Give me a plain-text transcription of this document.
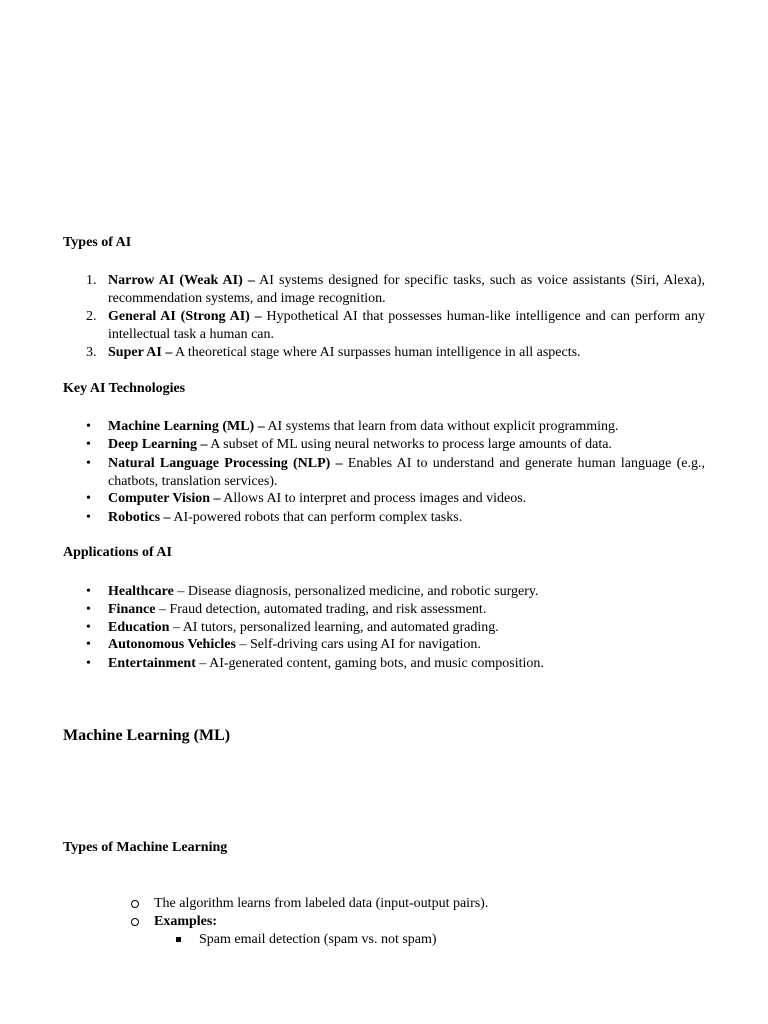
Types of AI
1. Narrow AI (Weak AI) – AI systems designed for specific tasks, such as voice assistants (Siri, Alexa), recommendation systems, and image recognition.
2. General AI (Strong AI) – Hypothetical AI that possesses human-like intelligence and can perform any intellectual task a human can.
3. Super AI – A theoretical stage where AI surpasses human intelligence in all aspects.
Key AI Technologies
• Machine Learning (ML) – AI systems that learn from data without explicit programming.
• Deep Learning – A subset of ML using neural networks to process large amounts of data.
• Natural Language Processing (NLP) – Enables AI to understand and generate human language (e.g., chatbots, translation services).
• Computer Vision – Allows AI to interpret and process images and videos.
• Robotics – AI-powered robots that can perform complex tasks.
Applications of AI
• Healthcare – Disease diagnosis, personalized medicine, and robotic surgery.
• Finance – Fraud detection, automated trading, and risk assessment.
• Education – AI tutors, personalized learning, and automated grading.
• Autonomous Vehicles – Self-driving cars using AI for navigation.
• Entertainment – AI-generated content, gaming bots, and music composition.
Machine Learning (ML)
Types of Machine Learning
The algorithm learns from labeled data (input-output pairs).
Examples:
Spam email detection (spam vs. not spam)
